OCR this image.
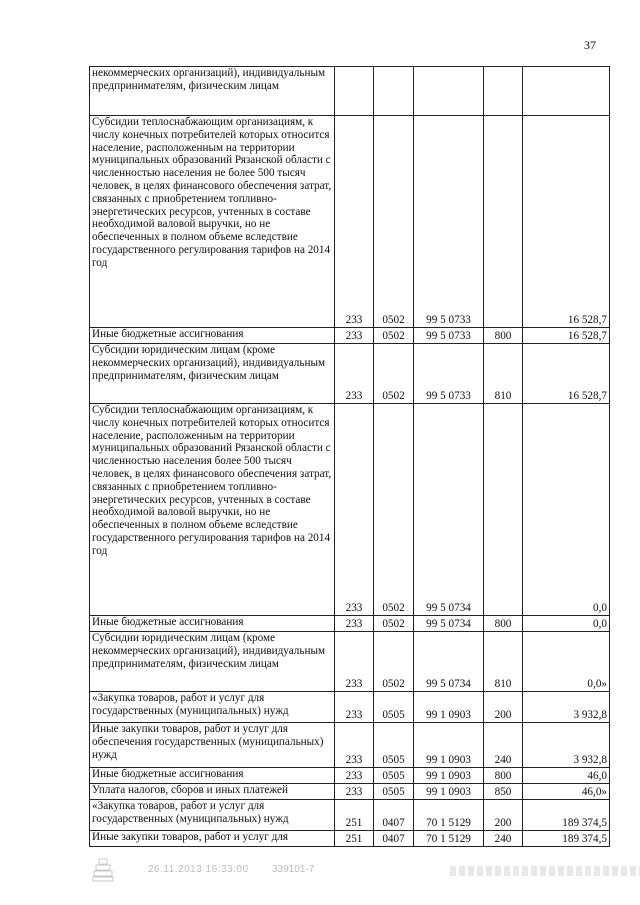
37
некоммерческих организаций), индивидуальным предпринимателям, физическим лицам					

Субсидии теплоснабжающим организациям, к числу конечных потребителей которых относится население, расположенным на территории муниципальных образований Рязанской области с численностью населения не более 500 тысяч человек, в целях финансового обеспечения затрат, связанных с приобретением топливно-энергетических ресурсов, учтенных в составе необходимой валовой выручки, но не обеспеченных в полном объеме вследствие государственного регулирования тарифов на 2014 год	233	0502	99 5 0733		16 528,7

Иные бюджетные ассигнования	233	0502	99 5 0733	800	16 528,7

Субсидии юридическим лицам (кроме некоммерческих организаций), индивидуальным предпринимателям, физическим лицам	233	0502	99 5 0733	810	16 528,7

Субсидии теплоснабжающим организациям, к числу конечных потребителей которых относится население, расположенным на территории муниципальных образований Рязанской области с численностью населения более 500 тысяч человек, в целях финансового обеспечения затрат, связанных с приобретением топливно-энергетических ресурсов, учтенных в составе необходимой валовой выручки, но не обеспеченных в полном объеме вследствие государственного регулирования тарифов на 2014 год	233	0502	99 5 0734		0,0

Иные бюджетные ассигнования	233	0502	99 5 0734	800	0,0

Субсидии юридическим лицам (кроме некоммерческих организаций), индивидуальным предпринимателям, физическим лицам	233	0502	99 5 0734	810	0,0»

«Закупка товаров, работ и услуг для государственных (муниципальных) нужд	233	0505	99 1 0903	200	3 932,8

Иные закупки товаров, работ и услуг для обеспечения государственных (муниципальных) нужд	233	0505	99 1 0903	240	3 932,8

Иные бюджетные ассигнования	233	0505	99 1 0903	800	46,0

Уплата налогов, сборов и иных платежей	233	0505	99 1 0903	850	46,0»

«Закупка товаров, работ и услуг для государственных (муниципальных) нужд	251	0407	70 1 5129	200	189 374,5

Иные закупки товаров, работ и услуг для	251	0407	70 1 5129	240	189 374,5
26.11.2013 16:33:00 339101-7
